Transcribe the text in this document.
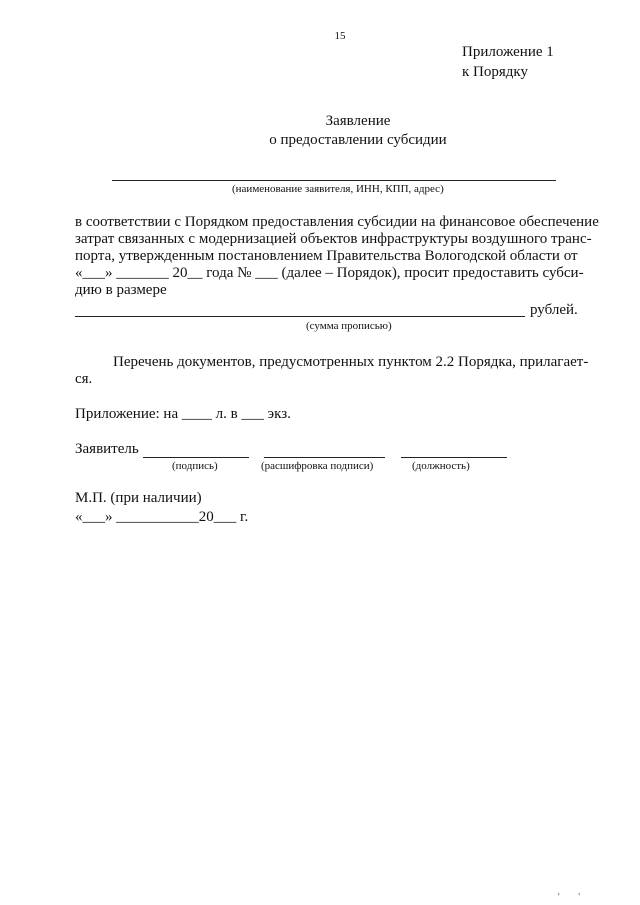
15
Приложение 1
к Порядку
Заявление
о предоставлении субсидии
(наименование заявителя, ИНН, КПП, адрес)
в соответствии с Порядком предоставления субсидии на финансовое обеспечение
затрат связанных с модернизацией объектов инфраструктуры воздушного транс-
порта, утвержденным постановлением Правительства Вологодской области от
«___» _______ 20__ года № ___ (далее – Порядок), просит предоставить субси-
дию в размере
рублей.
(сумма прописью)
Перечень документов, предусмотренных пунктом 2.2 Порядка, прилагает-ся.
Приложение: на ____ л. в ___ экз.
Заявитель
(подпись)	(расшифровка подписи)	(должность)
М.П. (при наличии)
«___» ___________20___ г.
' '
